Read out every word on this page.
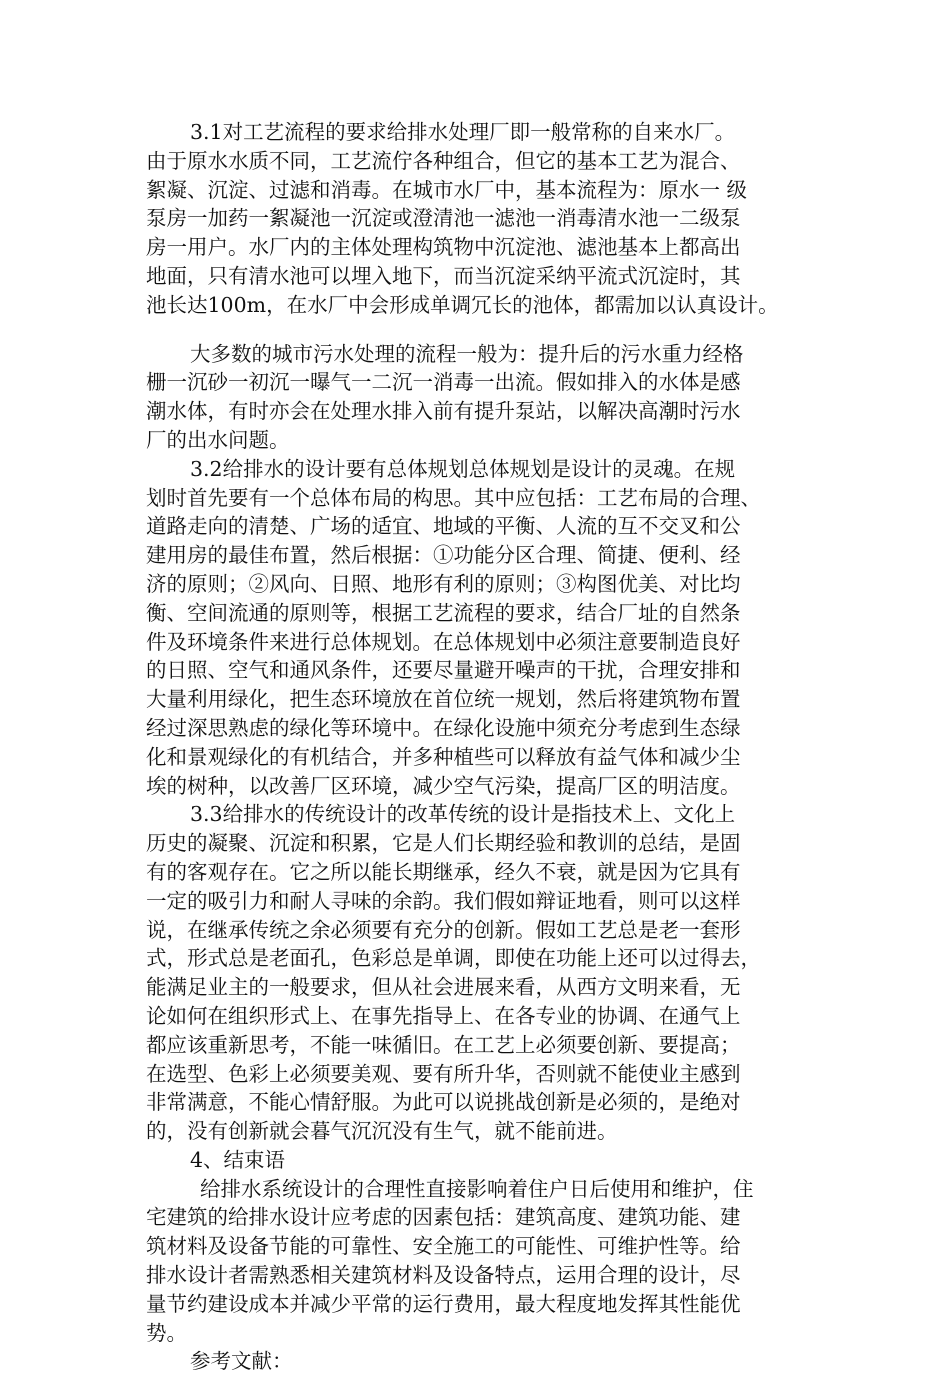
3.1对工艺流程的要求给排水处理厂即一般常称的自来水厂。
由于原水水质不同，工艺流佇各种组合，但它的基本工艺为混合、
絮凝、沉淀、过滤和消毒。在城市水厂中，基本流程为：原水一 级
泵房一加药一絮凝池一沉淀或澄清池一滤池一消毒清水池一二级泵
房一用户。水厂内的主体处理构筑物中沉淀池、滤池基本上都高出
地面，只有清水池可以埋入地下，而当沉淀采纳平流式沉淀时，其
池长达100m，在水厂中会形成单调冗长的池体，都需加以认真设计。
大多数的城市污水处理的流程一般为：提升后的污水重力经格
栅一沉砂一初沉一曝气一二沉一消毒一出流。假如排入的水体是感
潮水体，有时亦会在处理水排入前有提升泵站，以解决高潮时污水
厂的出水问题。
3.2给排水的设计要有总体规划总体规划是设计的灵魂。在规
划时首先要有一个总体布局的构思。其中应包括：工艺布局的合理、
道路走向的清楚、广场的适宜、地域的平衡、人流的互不交叉和公
建用房的最佳布置，然后根据：①功能分区合理、简捷、便利、经
济的原则；②风向、日照、地形有利的原则；③构图优美、对比均
衡、空间流通的原则等，根据工艺流程的要求，结合厂址的自然条
件及环境条件来进行总体规划。在总体规划中必须注意要制造良好
的日照、空气和通风条件，还要尽量避开噪声的干扰，合理安排和
大量利用绿化，把生态环境放在首位统一规划，然后将建筑物布置
经过深思熟虑的绿化等环境中。在绿化设施中须充分考虑到生态绿
化和景观绿化的有机结合，并多种植些可以释放有益气体和减少尘
埃的树种，以改善厂区环境，减少空气污染，提高厂区的明洁度。
3.3给排水的传统设计的改革传统的设计是指技术上、文化上
历史的凝聚、沉淀和积累，它是人们长期经验和教训的总结，是固
有的客观存在。它之所以能长期继承，经久不衰，就是因为它具有
一定的吸引力和耐人寻味的余韵。我们假如辩证地看，则可以这样
说，在继承传统之余必须要有充分的创新。假如工艺总是老一套形
式，形式总是老面孔，色彩总是单调，即使在功能上还可以过得去，
能满足业主的一般要求，但从社会进展来看，从西方文明来看，无
论如何在组织形式上、在事先指导上、在各专业的协调、在通气上
都应该重新思考，不能一味循旧。在工艺上必须要创新、要提高；
在选型、色彩上必须要美观、要有所升华，否则就不能使业主感到
非常满意，不能心情舒服。为此可以说挑战创新是必须的，是绝对
的，没有创新就会暮气沉沉没有生气，就不能前进。
4、结束语
给排水系统设计的合理性直接影响着住户日后使用和维护，住
宅建筑的给排水设计应考虑的因素包括：建筑高度、建筑功能、建
筑材料及设备节能的可靠性、安全施工的可能性、可维护性等。给
排水设计者需熟悉相关建筑材料及设备特点，运用合理的设计，尽
量节约建设成本并减少平常的运行费用，最大程度地发挥其性能优
势。
参考文献：
